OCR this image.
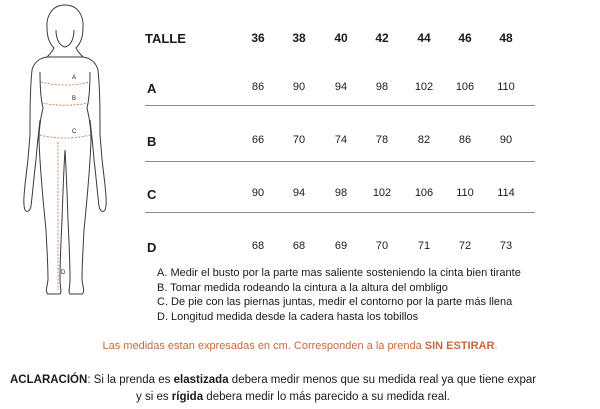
A
B
C
D
TALLE	36	38	40	42	44	46	48
A	86	90	94	98	102	106	110
B	66	70	74	78	82	86	90
C	90	94	98	102	106	110	114
D	68	68	69	70	71	72	73
A. Medir el busto por la parte mas saliente sosteniendo la cinta bien tirante
B. Tomar medida rodeando la cintura a la altura del ombligo
C. De pie con las piernas juntas, medir el contorno por la parte más llena
D. Longitud medida desde la cadera hasta los tobillos
Las medidas estan expresadas en cm. Corresponden a la prenda SIN ESTIRAR.
ACLARACIÓN: Si la prenda es elastizada debera medir menos que su medida real ya que tiene expar
y si es rígida debera medir lo más parecido a su medida real.
